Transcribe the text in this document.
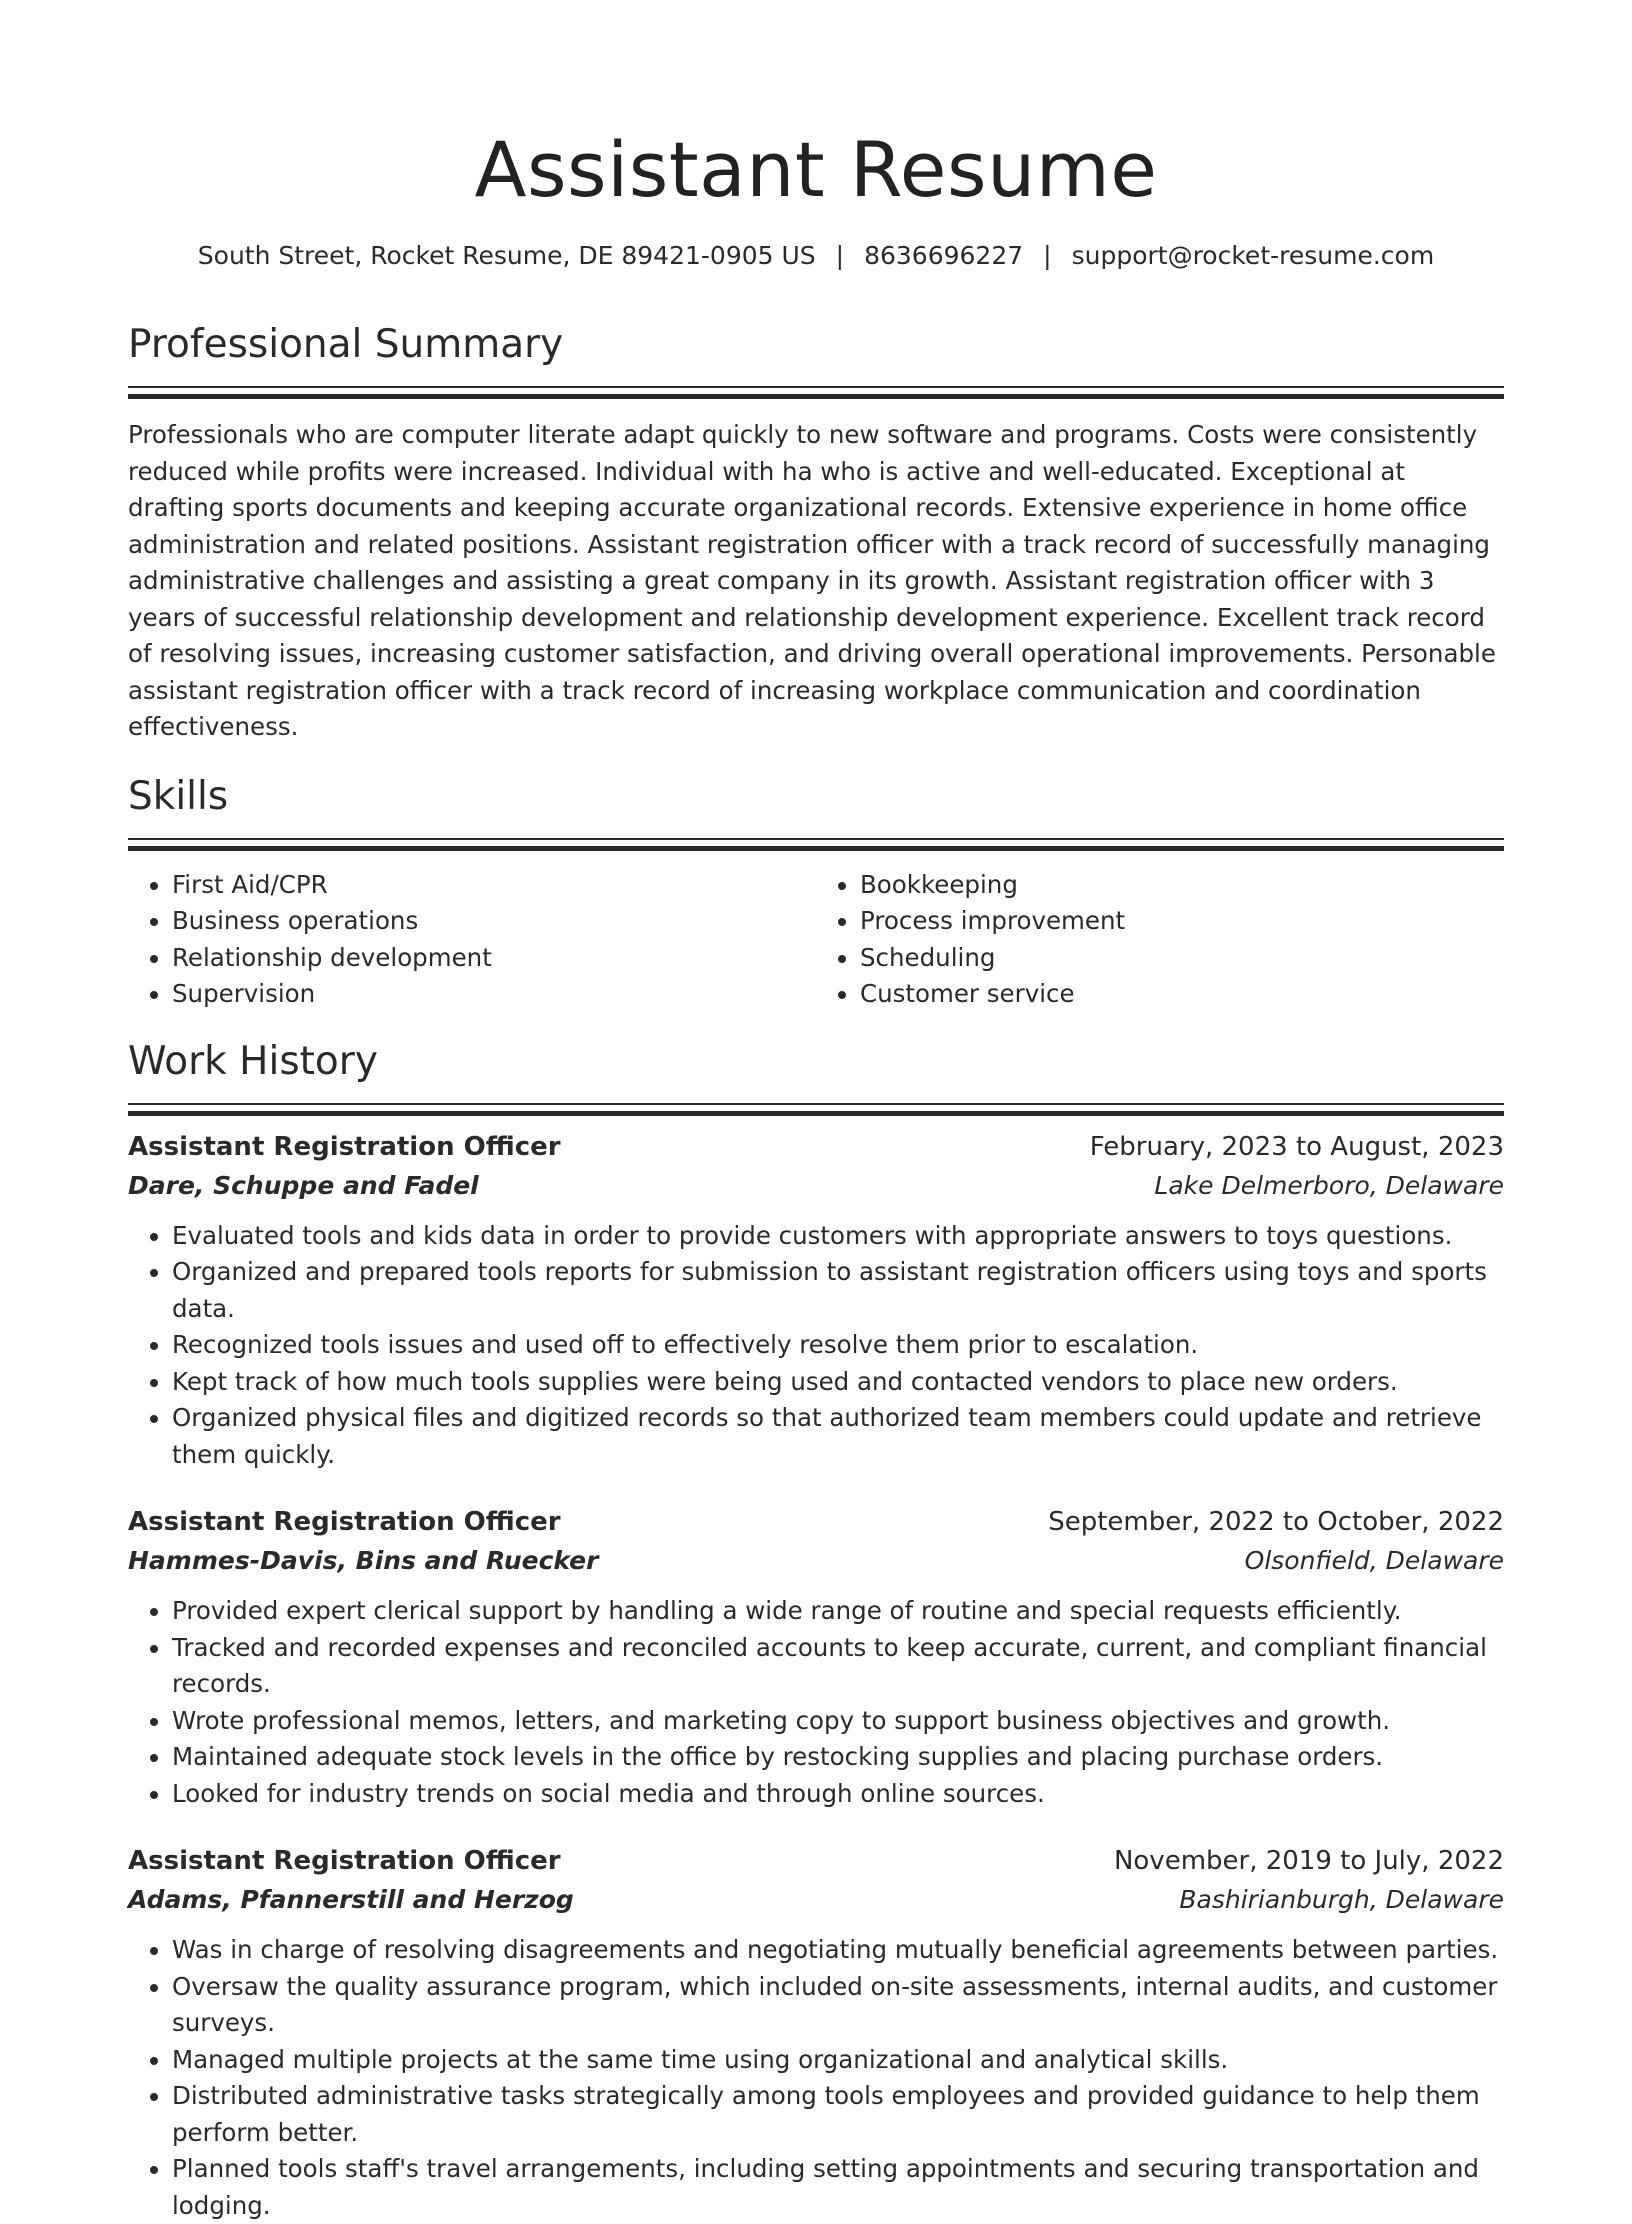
Assistant Resume
South Street, Rocket Resume, DE 89421-0905 US | 8636696227 | support@rocket-resume.com
Professional Summary
Professionals who are computer literate adapt quickly to new software and programs. Costs were consistently reduced while profits were increased. Individual with ha who is active and well-educated. Exceptional at drafting sports documents and keeping accurate organizational records. Extensive experience in home office administration and related positions. Assistant registration officer with a track record of successfully managing administrative challenges and assisting a great company in its growth. Assistant registration officer with 3 years of successful relationship development and relationship development experience. Excellent track record of resolving issues, increasing customer satisfaction, and driving overall operational improvements. Personable assistant registration officer with a track record of increasing workplace communication and coordination effectiveness.
Skills
• First Aid/CPR
• Business operations
• Relationship development
• Supervision
• Bookkeeping
• Process improvement
• Scheduling
• Customer service
Work History
Assistant Registration Officer	February, 2023 to August, 2023
Dare, Schuppe and Fadel	Lake Delmerboro, Delaware
• Evaluated tools and kids data in order to provide customers with appropriate answers to toys questions.
• Organized and prepared tools reports for submission to assistant registration officers using toys and sports data.
• Recognized tools issues and used off to effectively resolve them prior to escalation.
• Kept track of how much tools supplies were being used and contacted vendors to place new orders.
• Organized physical files and digitized records so that authorized team members could update and retrieve them quickly.
Assistant Registration Officer	September, 2022 to October, 2022
Hammes-Davis, Bins and Ruecker	Olsonfield, Delaware
• Provided expert clerical support by handling a wide range of routine and special requests efficiently.
• Tracked and recorded expenses and reconciled accounts to keep accurate, current, and compliant financial records.
• Wrote professional memos, letters, and marketing copy to support business objectives and growth.
• Maintained adequate stock levels in the office by restocking supplies and placing purchase orders.
• Looked for industry trends on social media and through online sources.
Assistant Registration Officer	November, 2019 to July, 2022
Adams, Pfannerstill and Herzog	Bashirianburgh, Delaware
• Was in charge of resolving disagreements and negotiating mutually beneficial agreements between parties.
• Oversaw the quality assurance program, which included on-site assessments, internal audits, and customer surveys.
• Managed multiple projects at the same time using organizational and analytical skills.
• Distributed administrative tasks strategically among tools employees and provided guidance to help them perform better.
• Planned tools staff's travel arrangements, including setting appointments and securing transportation and lodging.
